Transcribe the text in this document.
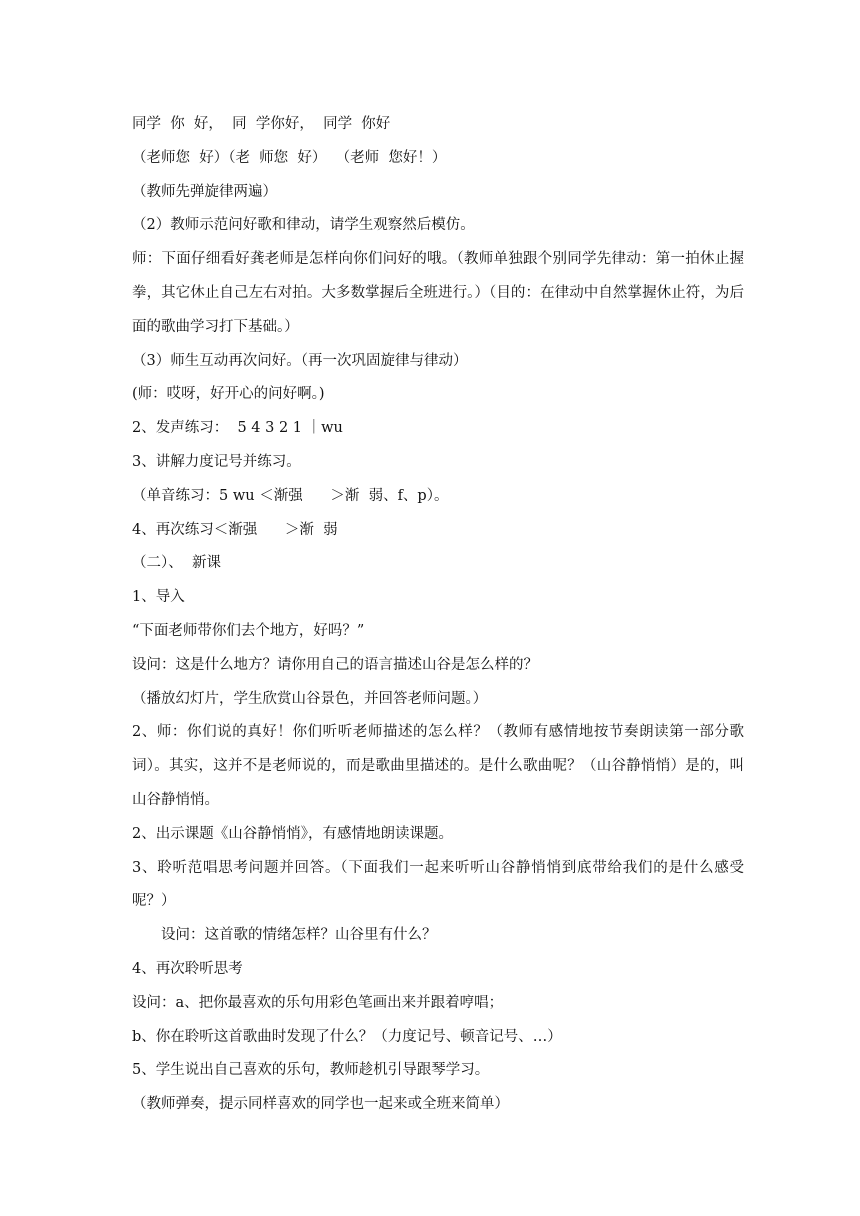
同学  你  好，  同  学你好，  同学  你好

（老师您  好）（老  师您  好）  （老师  您好！）

（教师先弹旋律两遍）

（2）教师示范问好歌和律动，请学生观察然后模仿。

师：下面仔细看好龚老师是怎样向你们问好的哦。（教师单独跟个别同学先律动：第一拍休止握拳，其它休止自己左右对拍。大多数掌握后全班进行。）（目的：在律动中自然掌握休止符，为后面的歌曲学习打下基础。）

（3）师生互动再次问好。（再一次巩固旋律与律动）

(师：哎呀，好开心的问好啊。)

2、发声练习：  5 4 3 2 1 ｜wu

3、讲解力度记号并练习。

（单音练习：5 wu ＜渐强      ＞渐  弱、f、p）。

4、再次练习＜渐强      ＞渐  弱

（二）、  新课

1、导入

“下面老师带你们去个地方，好吗？”

设问：这是什么地方？请你用自己的语言描述山谷是怎么样的？

（播放幻灯片，学生欣赏山谷景色，并回答老师问题。）

2、师：你们说的真好！你们听听老师描述的怎么样？（教师有感情地按节奏朗读第一部分歌词）。其实，这并不是老师说的，而是歌曲里描述的。是什么歌曲呢？（山谷静悄悄）是的，叫山谷静悄悄。

2、出示课题《山谷静悄悄》，有感情地朗读课题。

3、聆听范唱思考问题并回答。（下面我们一起来听听山谷静悄悄到底带给我们的是什么感受呢？）

设问：这首歌的情绪怎样？山谷里有什么？

4、再次聆听思考

设问：a、把你最喜欢的乐句用彩色笔画出来并跟着哼唱；

b、你在聆听这首歌曲时发现了什么？（力度记号、顿音记号、…）

5、学生说出自己喜欢的乐句，教师趁机引导跟琴学习。

（教师弹奏，提示同样喜欢的同学也一起来或全班来简单）
